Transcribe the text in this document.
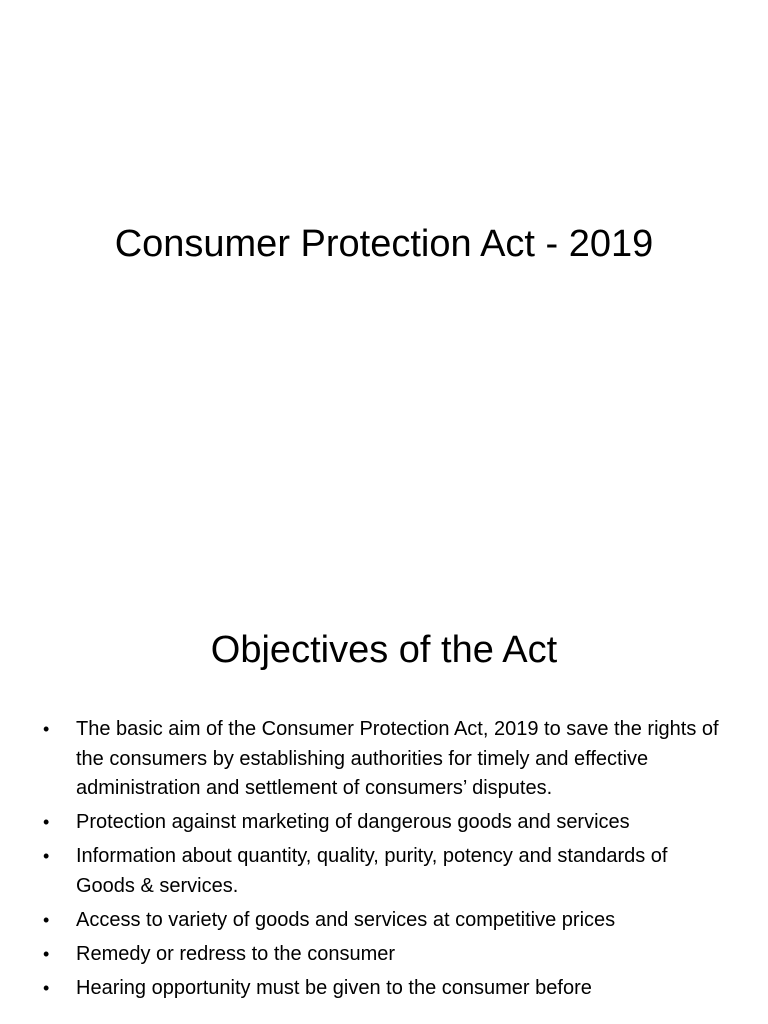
Consumer Protection Act - 2019
Objectives of the Act
• The basic aim of the Consumer Protection Act, 2019 to save the rights of the consumers by establishing authorities for timely and effective administration and settlement of consumers’ disputes.
• Protection against marketing of dangerous goods and services
• Information about quantity, quality, purity, potency and standards of Goods & services.
• Access to variety of goods and services at competitive prices
• Remedy or redress to the consumer
• Hearing opportunity must be given to the consumer before
